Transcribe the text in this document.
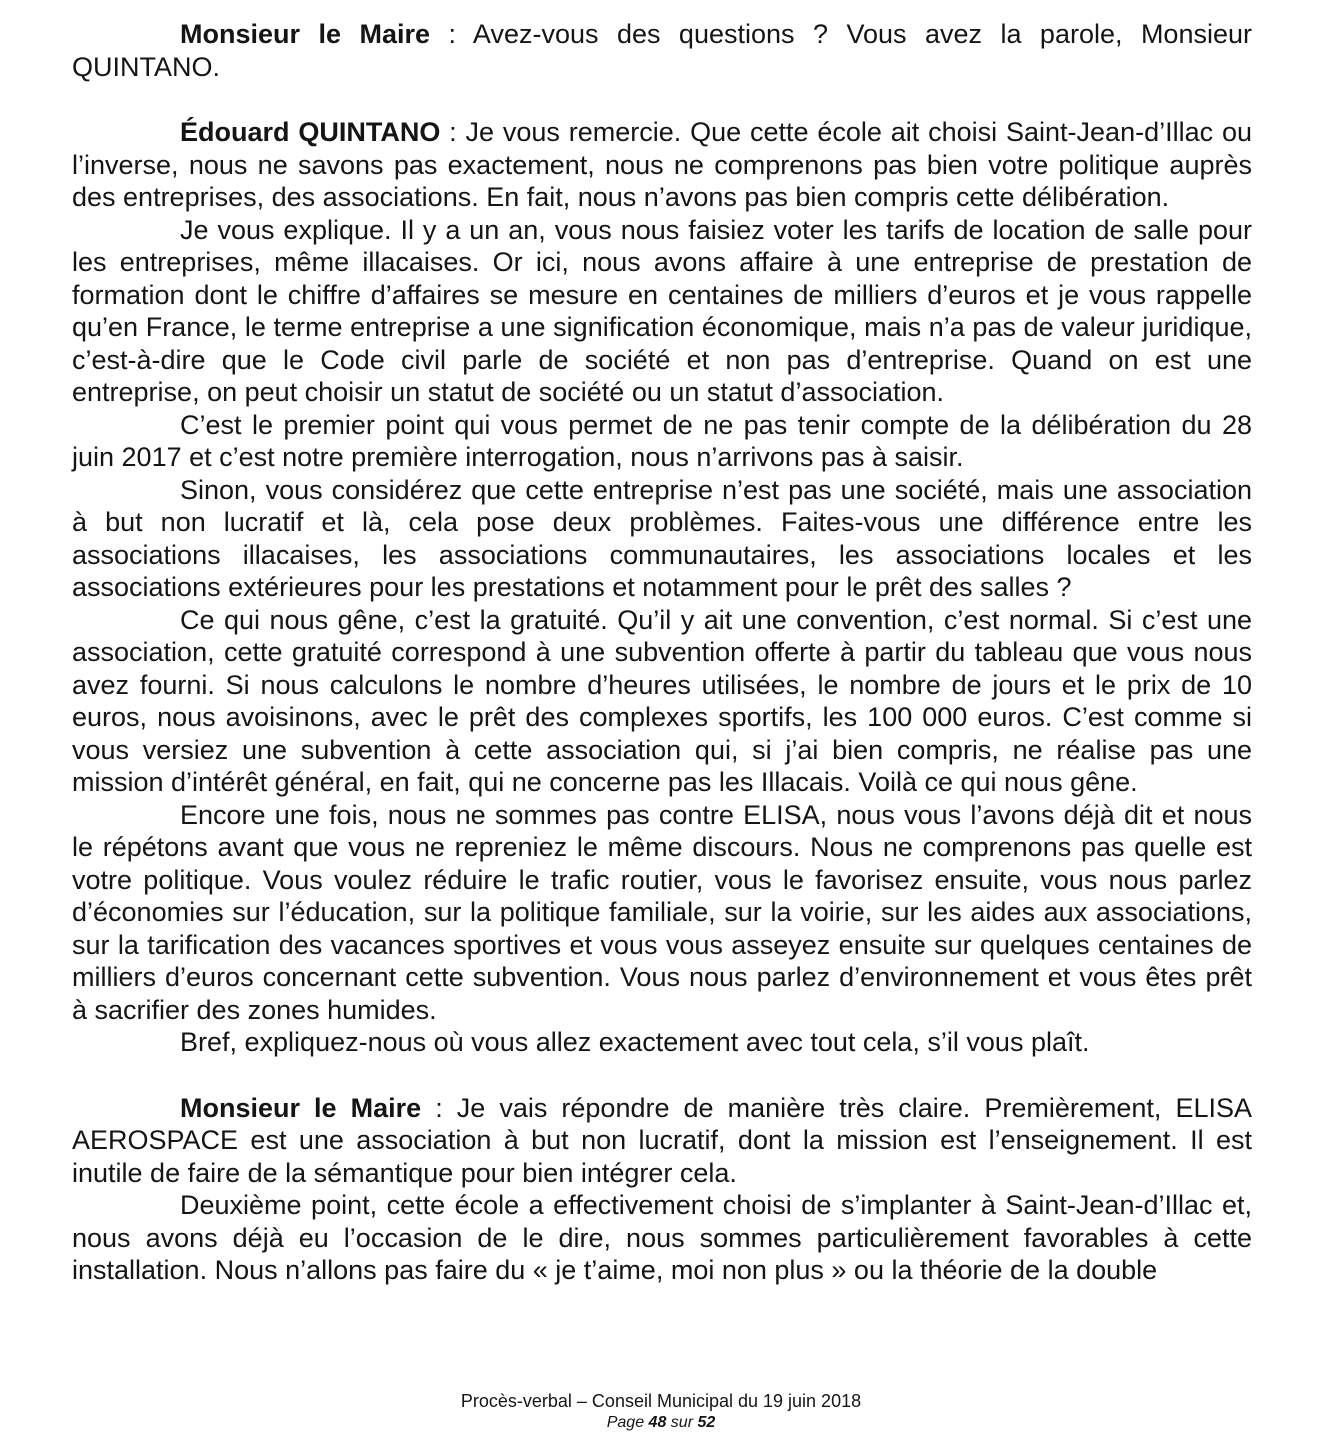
Monsieur le Maire : Avez-vous des questions ? Vous avez la parole, Monsieur QUINTANO.

Édouard QUINTANO : Je vous remercie. Que cette école ait choisi Saint-Jean-d’Illac ou l’inverse, nous ne savons pas exactement, nous ne comprenons pas bien votre politique auprès des entreprises, des associations. En fait, nous n’avons pas bien compris cette délibération.

Je vous explique. Il y a un an, vous nous faisiez voter les tarifs de location de salle pour les entreprises, même illacaises. Or ici, nous avons affaire à une entreprise de prestation de formation dont le chiffre d’affaires se mesure en centaines de milliers d’euros et je vous rappelle qu’en France, le terme entreprise a une signification économique, mais n’a pas de valeur juridique, c’est-à-dire que le Code civil parle de société et non pas d’entreprise. Quand on est une entreprise, on peut choisir un statut de société ou un statut d’association.

C’est le premier point qui vous permet de ne pas tenir compte de la délibération du 28 juin 2017 et c’est notre première interrogation, nous n’arrivons pas à saisir.

Sinon, vous considérez que cette entreprise n’est pas une société, mais une association à but non lucratif et là, cela pose deux problèmes. Faites-vous une différence entre les associations illacaises, les associations communautaires, les associations locales et les associations extérieures pour les prestations et notamment pour le prêt des salles ?

Ce qui nous gêne, c’est la gratuité. Qu’il y ait une convention, c’est normal. Si c’est une association, cette gratuité correspond à une subvention offerte à partir du tableau que vous nous avez fourni. Si nous calculons le nombre d’heures utilisées, le nombre de jours et le prix de 10 euros, nous avoisinons, avec le prêt des complexes sportifs, les 100 000 euros. C’est comme si vous versiez une subvention à cette association qui, si j’ai bien compris, ne réalise pas une mission d’intérêt général, en fait, qui ne concerne pas les Illacais. Voilà ce qui nous gêne.

Encore une fois, nous ne sommes pas contre ELISA, nous vous l’avons déjà dit et nous le répétons avant que vous ne repreniez le même discours. Nous ne comprenons pas quelle est votre politique. Vous voulez réduire le trafic routier, vous le favorisez ensuite, vous nous parlez d’économies sur l’éducation, sur la politique familiale, sur la voirie, sur les aides aux associations, sur la tarification des vacances sportives et vous vous asseyez ensuite sur quelques centaines de milliers d’euros concernant cette subvention. Vous nous parlez d’environnement et vous êtes prêt à sacrifier des zones humides.

Bref, expliquez-nous où vous allez exactement avec tout cela, s’il vous plaît.

Monsieur le Maire : Je vais répondre de manière très claire. Premièrement, ELISA AEROSPACE est une association à but non lucratif, dont la mission est l’enseignement. Il est inutile de faire de la sémantique pour bien intégrer cela.

Deuxième point, cette école a effectivement choisi de s’implanter à Saint-Jean-d’Illac et, nous avons déjà eu l’occasion de le dire, nous sommes particulièrement favorables à cette installation. Nous n’allons pas faire du « je t’aime, moi non plus » ou la théorie de la double

Procès-verbal – Conseil Municipal du 19 juin 2018
Page 48 sur 52
